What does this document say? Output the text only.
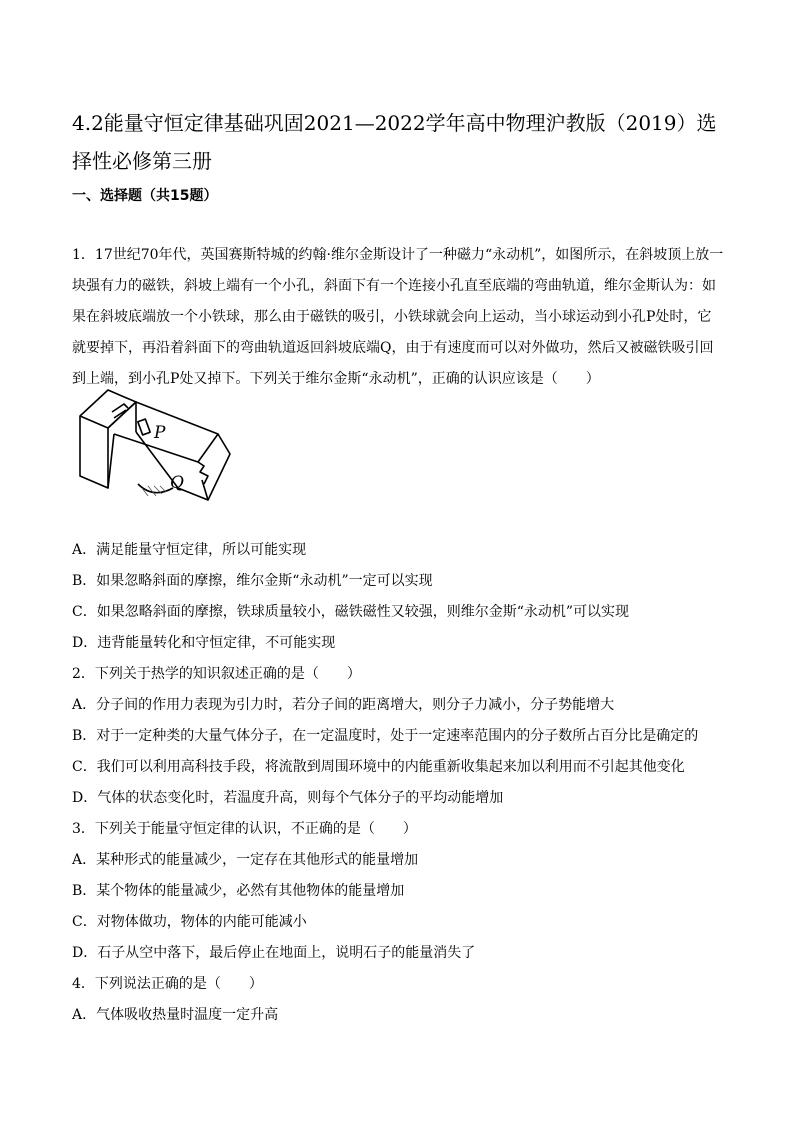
4.2能量守恒定律基础巩固2021—2022学年高中物理沪教版（2019）选择性必修第三册
一、选择题（共15题）
1．17世纪70年代，英国赛斯特城的约翰·维尔金斯设计了一种磁力“永动机”，如图所示，在斜坡顶上放一块强有力的磁铁，斜坡上端有一个小孔，斜面下有一个连接小孔直至底端的弯曲轨道，维尔金斯认为：如果在斜坡底端放一个小铁球，那么由于磁铁的吸引，小铁球就会向上运动，当小球运动到小孔P处时，它就要掉下，再沿着斜面下的弯曲轨道返回斜坡底端Q，由于有速度而可以对外做功，然后又被磁铁吸引回到上端，到小孔P处又掉下。下列关于维尔金斯“永动机”，正确的认识应该是（　　）
P
Q
A．满足能量守恒定律，所以可能实现
B．如果忽略斜面的摩擦，维尔金斯“永动机”一定可以实现
C．如果忽略斜面的摩擦，铁球质量较小，磁铁磁性又较强，则维尔金斯“永动机”可以实现
D．违背能量转化和守恒定律，不可能实现
2．下列关于热学的知识叙述正确的是（　　）
A．分子间的作用力表现为引力时，若分子间的距离增大，则分子力减小，分子势能增大
B．对于一定种类的大量气体分子，在一定温度时，处于一定速率范围内的分子数所占百分比是确定的
C．我们可以利用高科技手段，将流散到周围环境中的内能重新收集起来加以利用而不引起其他变化
D．气体的状态变化时，若温度升高，则每个气体分子的平均动能增加
3．下列关于能量守恒定律的认识，不正确的是（　　）
A．某种形式的能量减少，一定存在其他形式的能量增加
B．某个物体的能量减少，必然有其他物体的能量增加
C．对物体做功，物体的内能可能减小
D．石子从空中落下，最后停止在地面上，说明石子的能量消失了
4．下列说法正确的是（　　）
A．气体吸收热量时温度一定升高
